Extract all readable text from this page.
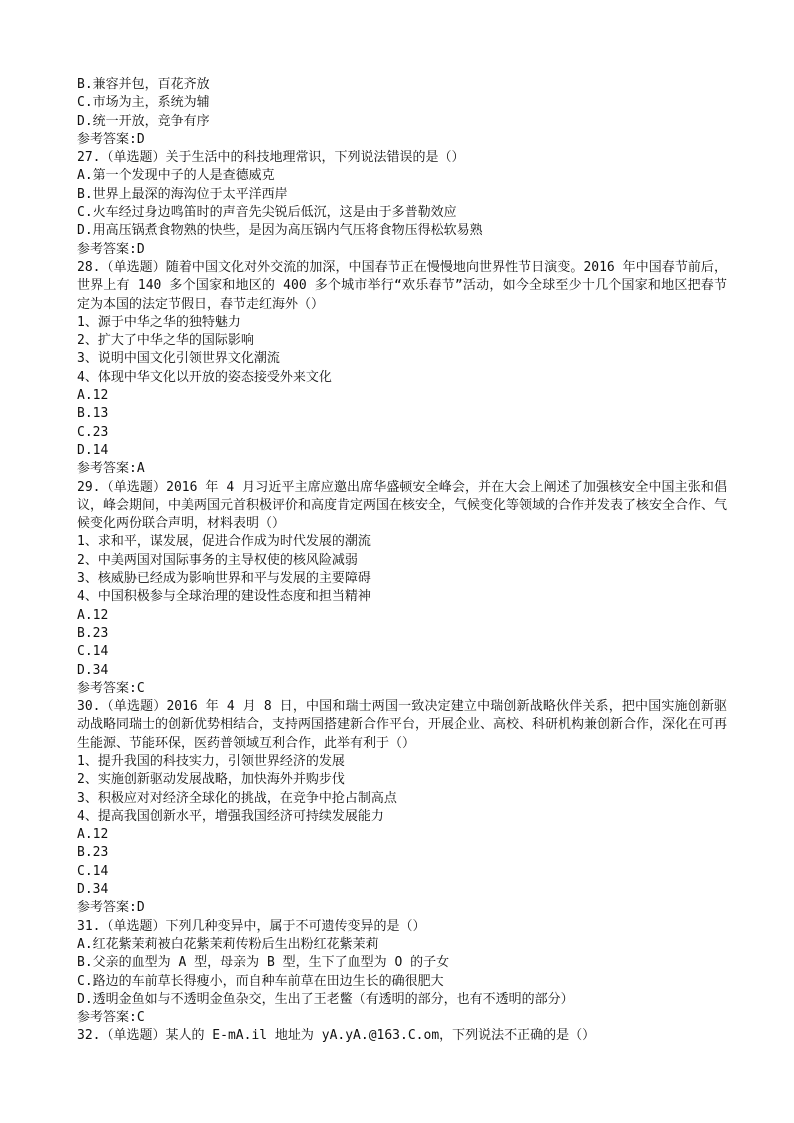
B.兼容并包，百花齐放
C.市场为主，系统为辅
D.统一开放，竞争有序
参考答案:D
27.（单选题）关于生活中的科技地理常识，下列说法错误的是（）
A.第一个发现中子的人是查德威克
B.世界上最深的海沟位于太平洋西岸
C.火车经过身边鸣笛时的声音先尖锐后低沉，这是由于多普勒效应
D.用高压锅煮食物熟的快些，是因为高压锅内气压将食物压得松软易熟
参考答案:D
28.（单选题）随着中国文化对外交流的加深，中国春节正在慢慢地向世界性节日演变。2016 年中国春节前后，世界上有 140 多个国家和地区的 400 多个城市举行“欢乐春节”活动，如今全球至少十几个国家和地区把春节定为本国的法定节假日，春节走红海外（）
1、源于中华之华的独特魅力
2、扩大了中华之华的国际影响
3、说明中国文化引领世界文化潮流
4、体现中华文化以开放的姿态接受外来文化
A.12
B.13
C.23
D.14
参考答案:A
29.（单选题）2016 年 4 月习近平主席应邀出席华盛顿安全峰会，并在大会上阐述了加强核安全中国主张和倡议，峰会期间，中美两国元首积极评价和高度肯定两国在核安全，气候变化等领域的合作并发表了核安全合作、气候变化两份联合声明，材料表明（）
1、求和平，谋发展，促进合作成为时代发展的潮流
2、中美两国对国际事务的主导权使的核风险减弱
3、核威胁已经成为影响世界和平与发展的主要障碍
4、中国积极参与全球治理的建设性态度和担当精神
A.12
B.23
C.14
D.34
参考答案:C
30.（单选题）2016 年 4 月 8 日，中国和瑞士两国一致决定建立中瑞创新战略伙伴关系，把中国实施创新驱动战略同瑞士的创新优势相结合，支持两国搭建新合作平台，开展企业、高校、科研机构兼创新合作，深化在可再生能源、节能环保，医药普领域互利合作，此举有利于（）
1、提升我国的科技实力，引领世界经济的发展
2、实施创新驱动发展战略，加快海外并购步伐
3、积极应对对经济全球化的挑战，在竞争中抢占制高点
4、提高我国创新水平，增强我国经济可持续发展能力
A.12
B.23
C.14
D.34
参考答案:D
31.（单选题）下列几种变异中，属于不可遗传变异的是（）
A.红花紫茉莉被白花紫茉莉传粉后生出粉红花紫茉莉
B.父亲的血型为 A 型，母亲为 B 型，生下了血型为 O 的子女
C.路边的车前草长得瘦小，而自种车前草在田边生长的确很肥大
D.透明金鱼如与不透明金鱼杂交，生出了王老鳖（有透明的部分，也有不透明的部分）
参考答案:C
32.（单选题）某人的 E-mA.il 地址为 yA.yA.@163.C.om，下列说法不正确的是（）
